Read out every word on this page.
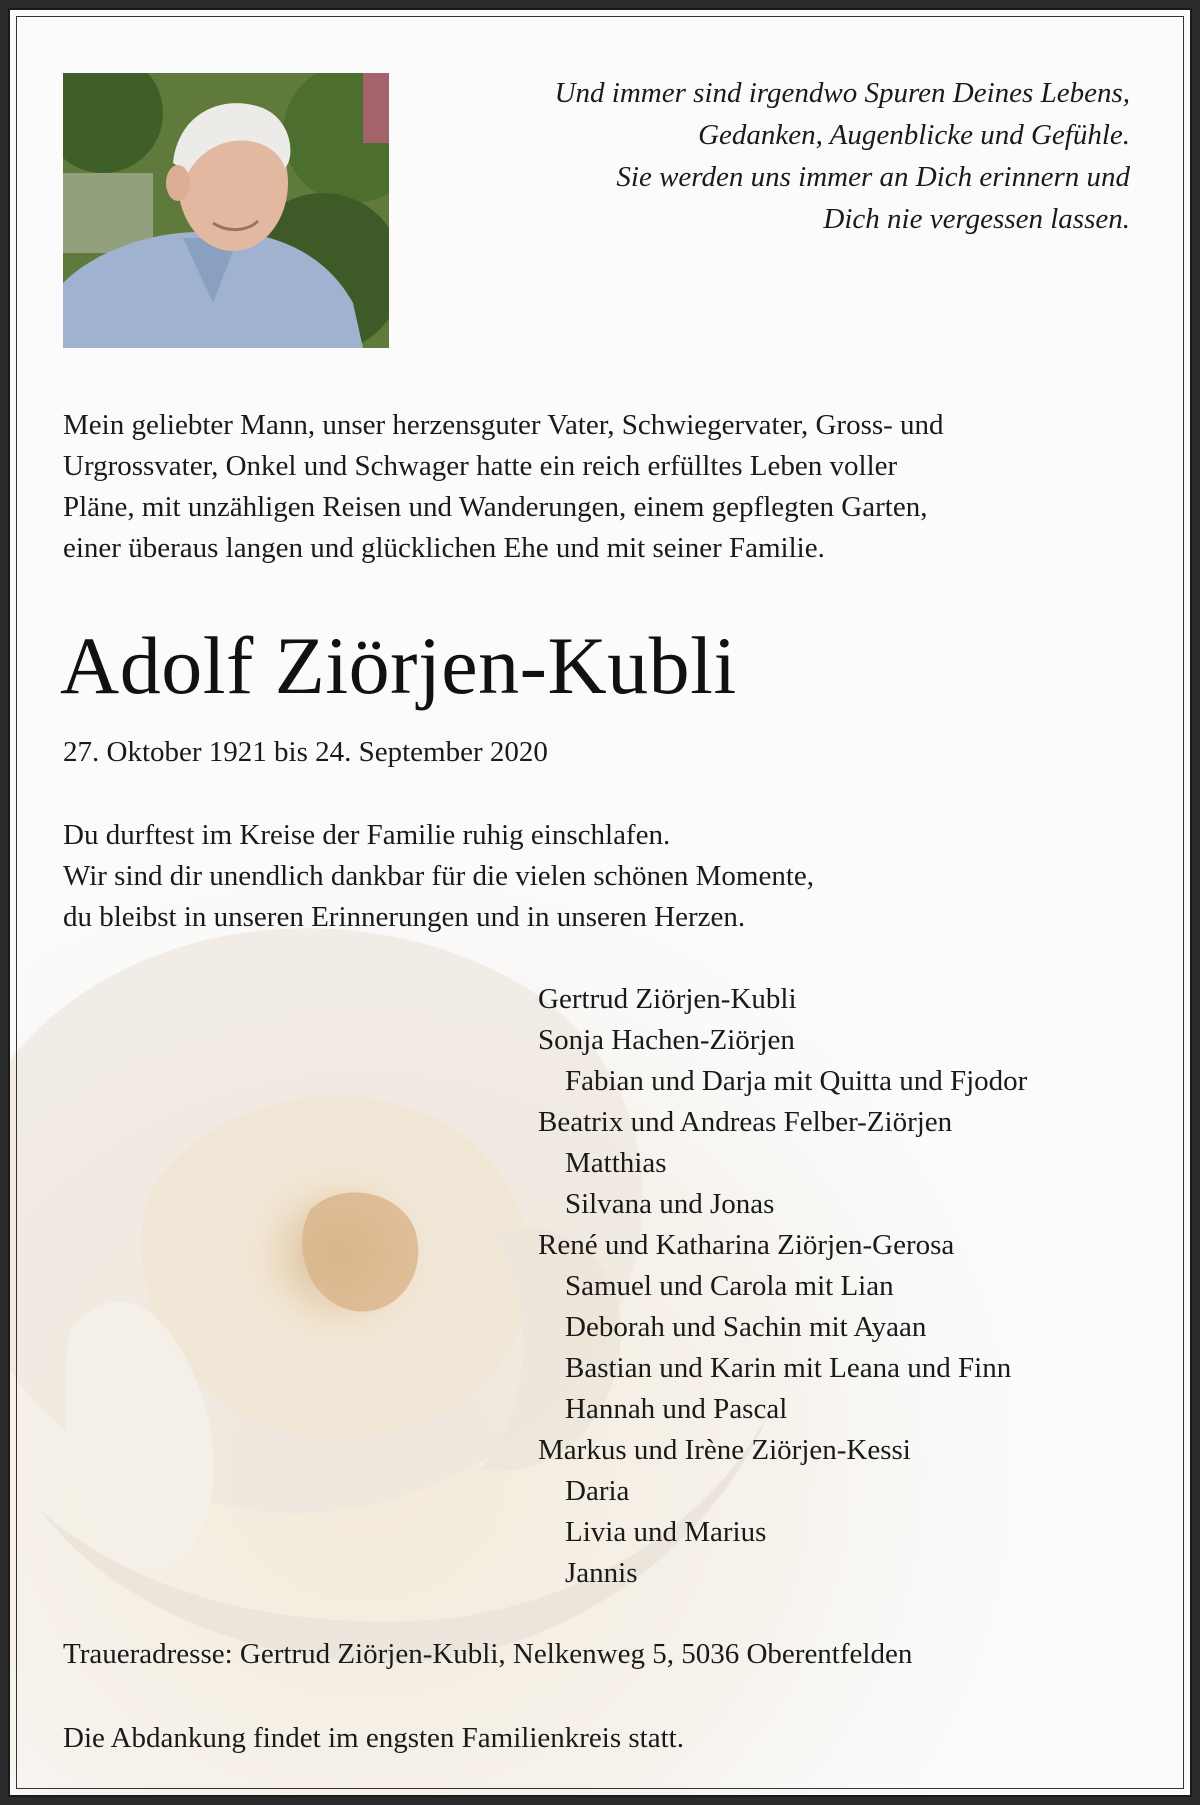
Und immer sind irgendwo Spuren Deines Lebens,
Gedanken, Augenblicke und Gefühle.
Sie werden uns immer an Dich erinnern und
Dich nie vergessen lassen.
Mein geliebter Mann, unser herzensguter Vater, Schwiegervater, Gross- und
Urgrossvater, Onkel und Schwager hatte ein reich erfülltes Leben voller
Pläne, mit unzähligen Reisen und Wanderungen, einem gepflegten Garten,
einer überaus langen und glücklichen Ehe und mit seiner Familie.
Adolf Ziörjen-Kubli
27. Oktober 1921 bis 24. September 2020
Du durftest im Kreise der Familie ruhig einschlafen.
Wir sind dir unendlich dankbar für die vielen schönen Momente,
du bleibst in unseren Erinnerungen und in unseren Herzen.
Gertrud Ziörjen-Kubli
Sonja Hachen-Ziörjen
Fabian und Darja mit Quitta und Fjodor
Beatrix und Andreas Felber-Ziörjen
Matthias
Silvana und Jonas
René und Katharina Ziörjen-Gerosa
Samuel und Carola mit Lian
Deborah und Sachin mit Ayaan
Bastian und Karin mit Leana und Finn
Hannah und Pascal
Markus und Irène Ziörjen-Kessi
Daria
Livia und Marius
Jannis
Traueradresse: Gertrud Ziörjen-Kubli, Nelkenweg 5, 5036 Oberentfelden
Die Abdankung findet im engsten Familienkreis statt.
